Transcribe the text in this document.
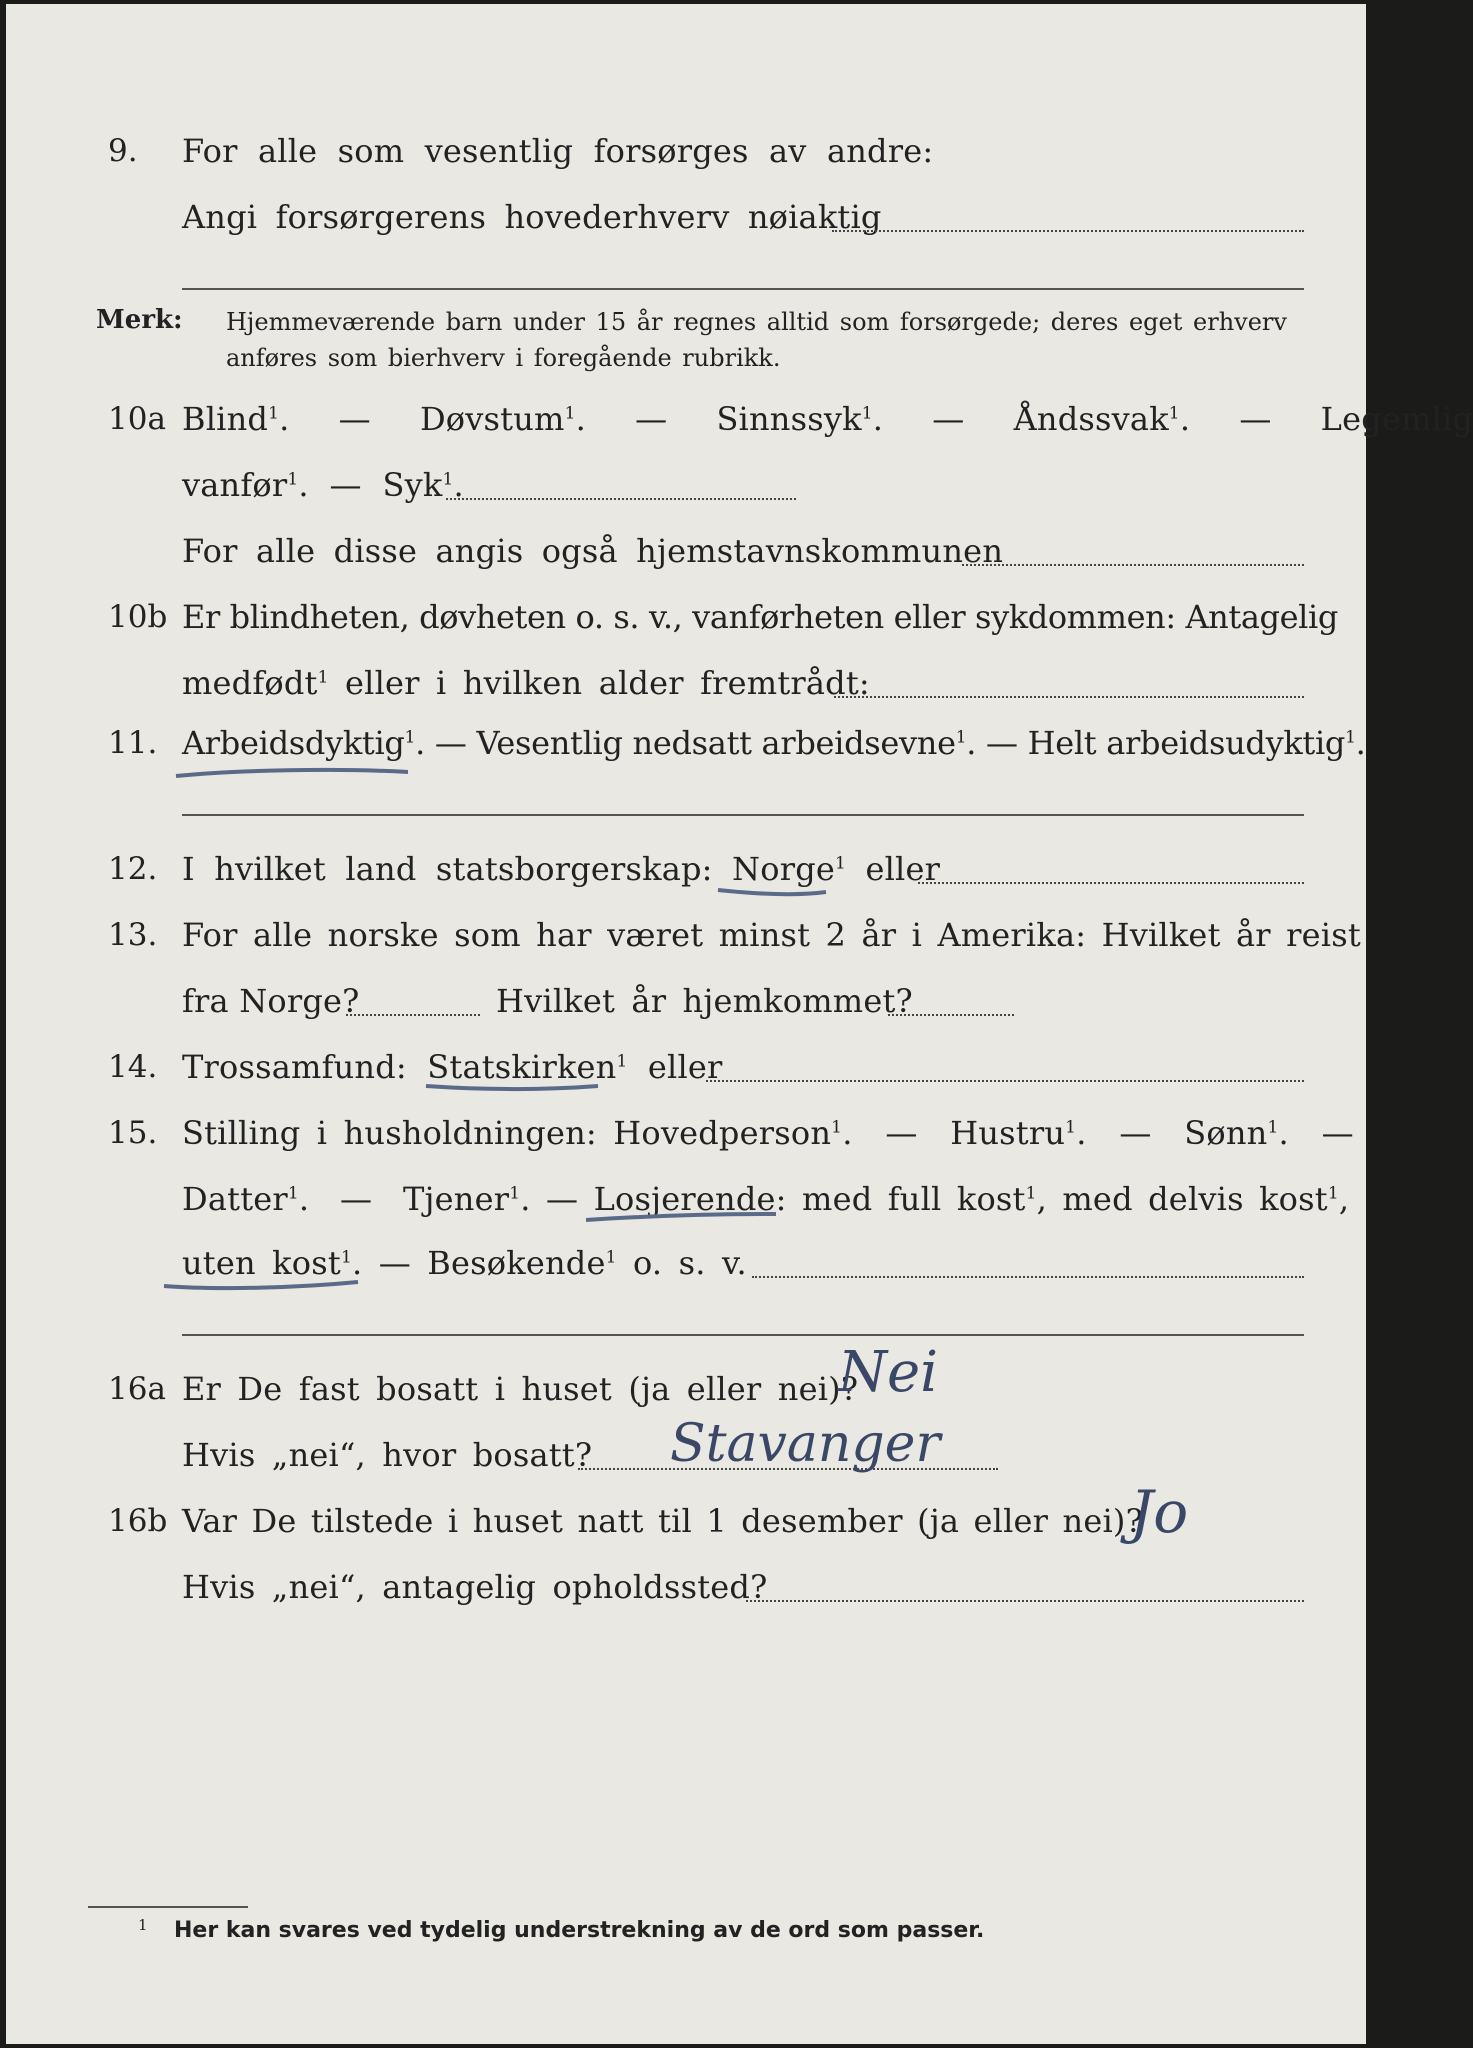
9. For alle som vesentlig forsørges av andre:
Angi forsørgerens hovederhverv nøiaktig
Merk: Hjemmeværende barn under 15 år regnes alltid som forsørgede; deres eget erhverv
anføres som bierhverv i foregående rubrikk.
10a Blind$^1$.   — Døvstum$^1$.   — Sinnssyk$^1$.   — Åndssvak$^1$.   — Legemlig
vanfør$^1$.  — Syk$^1$.
For alle disse angis også hjemstavnskommunen
10b Er blindheten, døvheten o. s. v., vanførheten eller sykdommen: Antagelig
medfødt$^1$ eller i hvilken alder fremtrådt:
11. Arbeidsdyktig$^1$. — Vesentlig nedsatt arbeidsevne$^1$. — Helt arbeidsudyktig$^1$.
12. I hvilket land statsborgerskap: Norge$^1$ eller
13. For alle norske som har været minst 2 år i Amerika: Hvilket år reist
fra Norge?	Hvilket år hjemkommet?
14. Trossamfund: Statskirken$^1$ eller
15. Stilling i husholdningen: Hovedperson$^1$.  — Hustru$^1$.  — Sønn$^1$.  —
Datter$^1$.  — Tjener$^1$. — Losjerende: med full kost$^1$, med delvis kost$^1$,
uten kost$^1$. — Besøkende$^1$ o. s. v.
16a Er De fast bosatt i huset (ja eller nei)?
Nei
Hvis „nei“, hvor bosatt? Stavanger
16b Var De tilstede i huset natt til 1 desember (ja eller nei)?
Jo
Hvis „nei“, antagelig opholdssted?
1 Her kan svares ved tydelig understrekning av de ord som passer.
